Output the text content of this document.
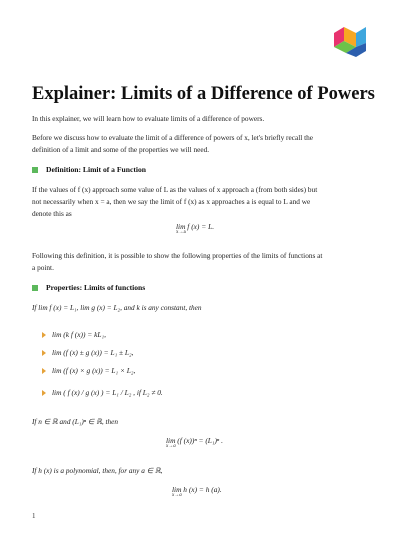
Explainer: Limits of a Difference of Powers
In this explainer, we will learn how to evaluate limits of a difference of powers.
Before we discuss how to evaluate the limit of a difference of powers of x, let's briefly recall the
definition of a limit and some of the properties we will need.
Definition: Limit of a Function
If the values of f (x) approach some value of L as the values of x approach a (from both sides) but
not necessarily when x = a, then we say the limit of f (x) as x approaches a is equal to L and we
denote this as
lim f (x) = L.
x→a
Following this definition, it is possible to show the following properties of the limits of functions at
a point.
Properties: Limits of functions
If lim f (x) = L₁, lim g (x) = L₂, and k is any constant, then
lim (k f (x)) = kL₁,
lim (f (x) ± g (x)) = L₁ ± L₂,
lim (f (x) × g (x)) = L₁ × L₂,
lim ( f (x) / g (x) ) = L₁ / L₂ , if L₂ ≠ 0.
If n ∈ ℝ and (L₁)ⁿ ∈ ℝ, then
lim (f (x))ⁿ = (L₁)ⁿ .
x→a
If h (x) is a polynomial, then, for any a ∈ ℝ,
lim h (x) = h (a).
x→a
1
